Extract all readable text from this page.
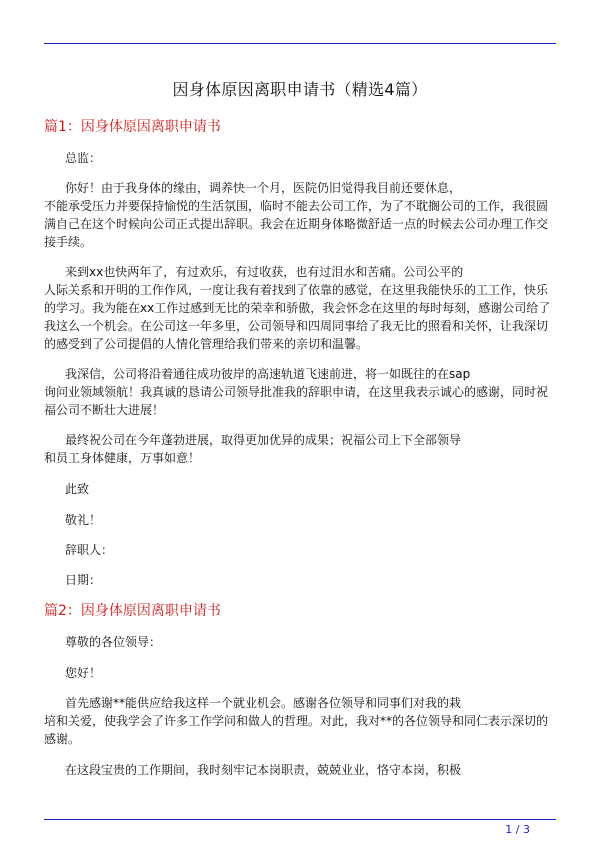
因身体原因离职申请书（精选4篇）
篇1：因身体原因离职申请书
总监：
你好！由于我身体的缘由，调养快一个月，医院仍旧觉得我目前还要休息，
不能承受压力并要保持愉悦的生活氛围，临时不能去公司工作，为了不耽搁公司的工作，我很圆
满自己在这个时候向公司正式提出辞职。我会在近期身体略微舒适一点的时候去公司办理工作交
接手续。
来到xx也快两年了，有过欢乐，有过收获，也有过泪水和苦痛。公司公平的
人际关系和开明的工作作风，一度让我有着找到了依靠的感觉，在这里我能快乐的工工作，快乐
的学习。我为能在xx工作过感到无比的荣幸和骄傲，我会怀念在这里的每时每刻，感谢公司给了
我这么一个机会。在公司这一年多里，公司领导和四周同事给了我无比的照看和关怀，让我深切
的感受到了公司提倡的人情化管理给我们带来的亲切和温馨。
我深信，公司将沿着通往成功彼岸的高速轨道飞速前进，将一如既往的在sap
询问业领域领航！我真诚的恳请公司领导批准我的辞职申请，在这里我表示诚心的感谢，同时祝
福公司不断壮大进展！
最终祝公司在今年蓬勃进展，取得更加优异的成果；祝福公司上下全部领导
和员工身体健康，万事如意！
此致
敬礼！
辞职人：
日期：
篇2：因身体原因离职申请书
尊敬的各位领导：
您好！
首先感谢**能供应给我这样一个就业机会。感谢各位领导和同事们对我的栽
培和关爱，使我学会了许多工作学问和做人的哲理。对此，我对**的各位领导和同仁表示深切的
感谢。
在这段宝贵的工作期间，我时刻牢记本岗职责，兢兢业业，恪守本岗，积极
1 / 3
